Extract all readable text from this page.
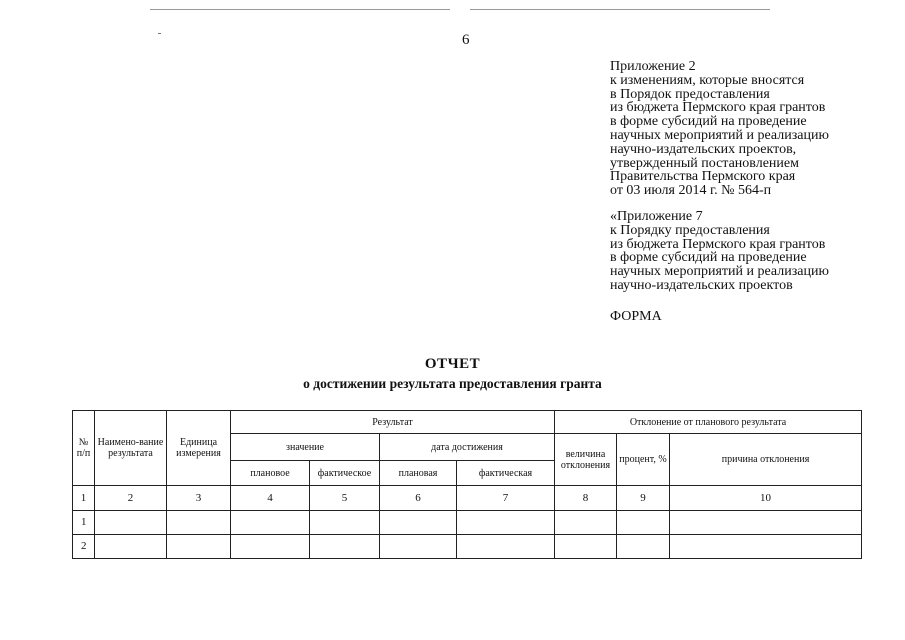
6
Приложение 2
к изменениям, которые вносятся
в Порядок предоставления
из бюджета Пермского края грантов
в форме субсидий на проведение
научных мероприятий и реализацию
научно-издательских проектов,
утвержденный постановлением
Правительства Пермского края
от 03 июля 2014 г. № 564-п
«Приложение 7
к Порядку предоставления
из бюджета Пермского края грантов
в форме субсидий на проведение
научных мероприятий и реализацию
научно-издательских проектов
ФОРМА
ОТЧЕТ
о достижении результата предоставления гранта
№ п/п	Наимено-вание результата	Единица измерения	Результат				Отклонение от планового результата		
			значение		дата достижения		величина отклонения	процент, %	причина отклонения
			плановое	фактическое	плановая	фактическая			
1	2	3	4	5	6	7	8	9	10
1									
2									
